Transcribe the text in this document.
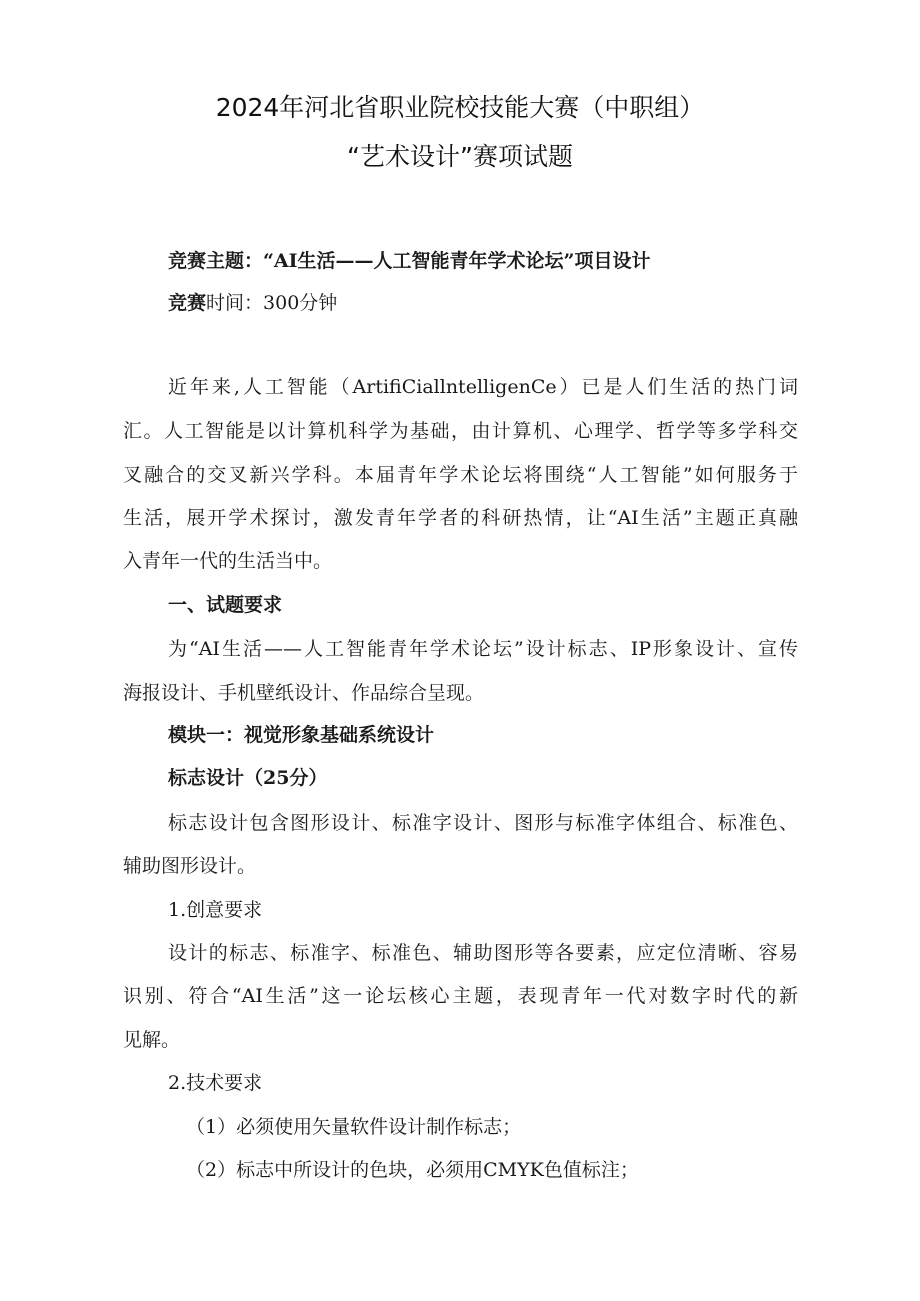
2024年河北省职业院校技能大赛（中职组）
“艺术设计”赛项试题
竞赛主题：“AI生活——人工智能青年学术论坛”项目设计
竞赛时间：300分钟
近年来,人工智能（ArtifiCiallntelligenCe）已是人们生活的热门词
汇。人工智能是以计算机科学为基础，由计算机、心理学、哲学等多学科交
叉融合的交叉新兴学科。本届青年学术论坛将围绕“人工智能”如何服务于
生活，展开学术探讨，激发青年学者的科研热情，让“AI生活”主题正真融
入青年一代的生活当中。
一、试题要求
为“AI生活——人工智能青年学术论坛”设计标志、IP形象设计、宣传
海报设计、手机壁纸设计、作品综合呈现。
模块一：视觉形象基础系统设计
标志设计（25分）
标志设计包含图形设计、标准字设计、图形与标准字体组合、标准色、
辅助图形设计。
1.创意要求
设计的标志、标准字、标准色、辅助图形等各要素，应定位清晰、容易
识别、符合“AI生活”这一论坛核心主题，表现青年一代对数字时代的新
见解。
2.技术要求
（1）必须使用矢量软件设计制作标志；
（2）标志中所设计的色块，必须用CMYK色值标注；
